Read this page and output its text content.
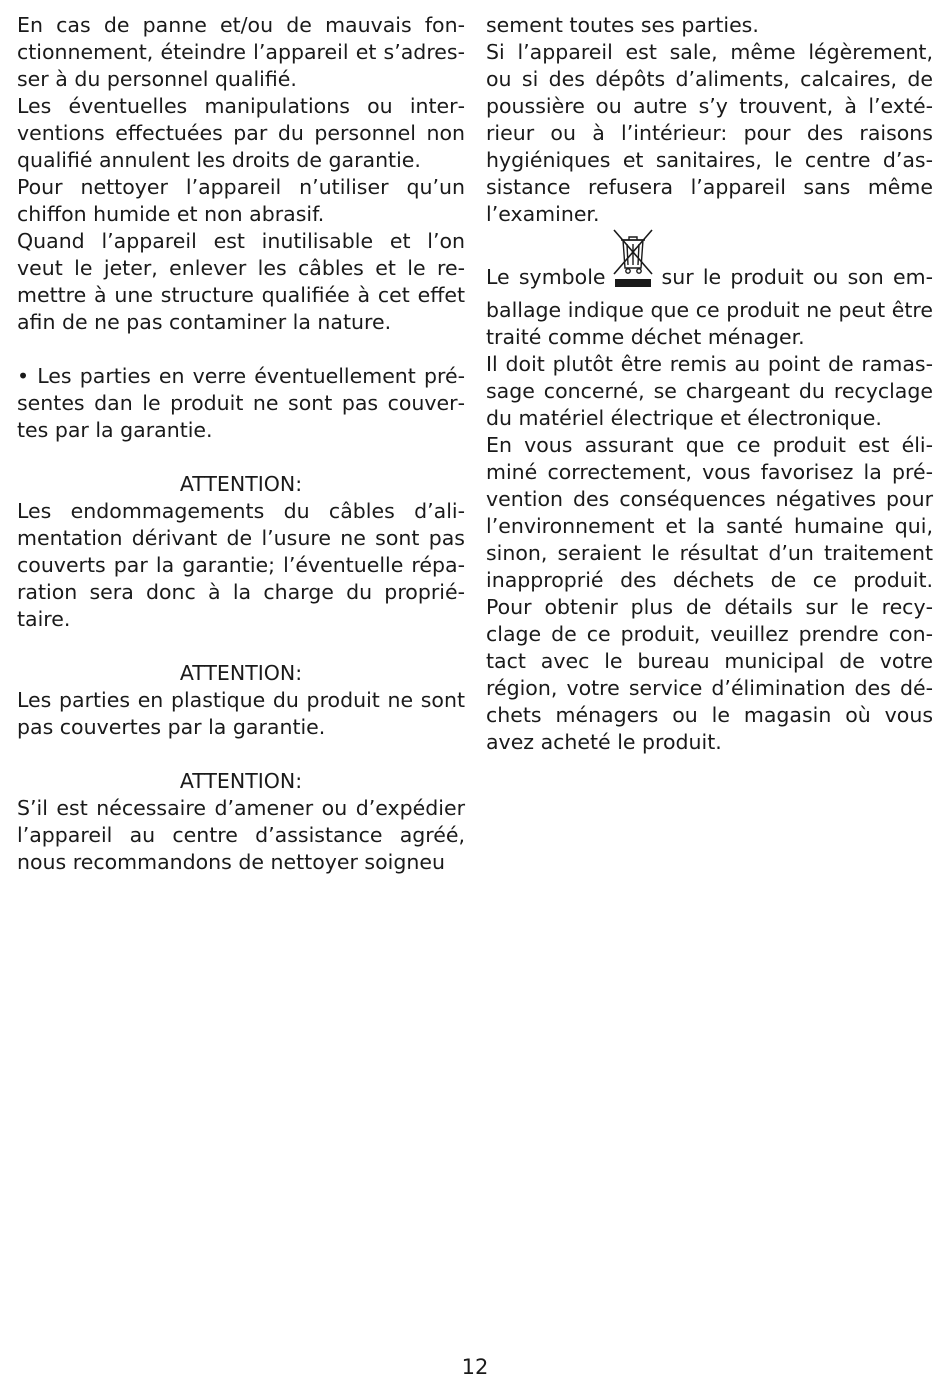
En cas de panne et/ou de mauvais fonctionnement, éteindre l’appareil et s’adresser à du personnel qualifié.

Les éventuelles manipulations ou interventions effectuées par du personnel non qualifié annulent les droits de garantie.

Pour nettoyer l’appareil n’utiliser qu’un chiffon humide et non abrasif.

Quand l’appareil est inutilisable et l’on veut le jeter, enlever les câbles et le remettre à une structure qualifiée à cet effet afin de ne pas contaminer la nature.

• Les parties en verre éventuellement présentes dan le produit ne sont pas couvertes par la garantie.

ATTENTION:

Les endommagements du câbles d’alimentation dérivant de l’usure ne sont pas couverts par la garantie; l’éventuelle réparation sera donc à la charge du propriétaire.

ATTENTION:

Les parties en plastique du produit ne sont pas couvertes par la garantie.

ATTENTION:

S’il est nécessaire d’amener ou d’expédier l’appareil au centre d’assistance agréé, nous recommandons de nettoyer soigneu

sement toutes ses parties.

Si l’appareil est sale, même légèrement, ou si des dépôts d’aliments, calcaires, de poussière ou autre s’y trouvent, à l’extérieur ou à l’intérieur: pour des raisons hygiéniques et sanitaires, le centre d’assistance refusera l’appareil sans même l’examiner.

Le symbole	sur le produit ou son emballage indique que ce produit ne peut être traité comme déchet ménager.

Il doit plutôt être remis au point de ramassage concerné, se chargeant du recyclage du matériel électrique et électronique.

En vous assurant que ce produit est éliminé correctement, vous favorisez la prévention des conséquences négatives pour l’environnement et la santé humaine qui, sinon, seraient le résultat d’un traitement inapproprié des déchets de ce produit. Pour obtenir plus de détails sur le recyclage de ce produit, veuillez prendre contact avec le bureau municipal de votre région, votre service d’élimination des déchets ménagers ou le magasin où vous avez acheté le produit.

12
